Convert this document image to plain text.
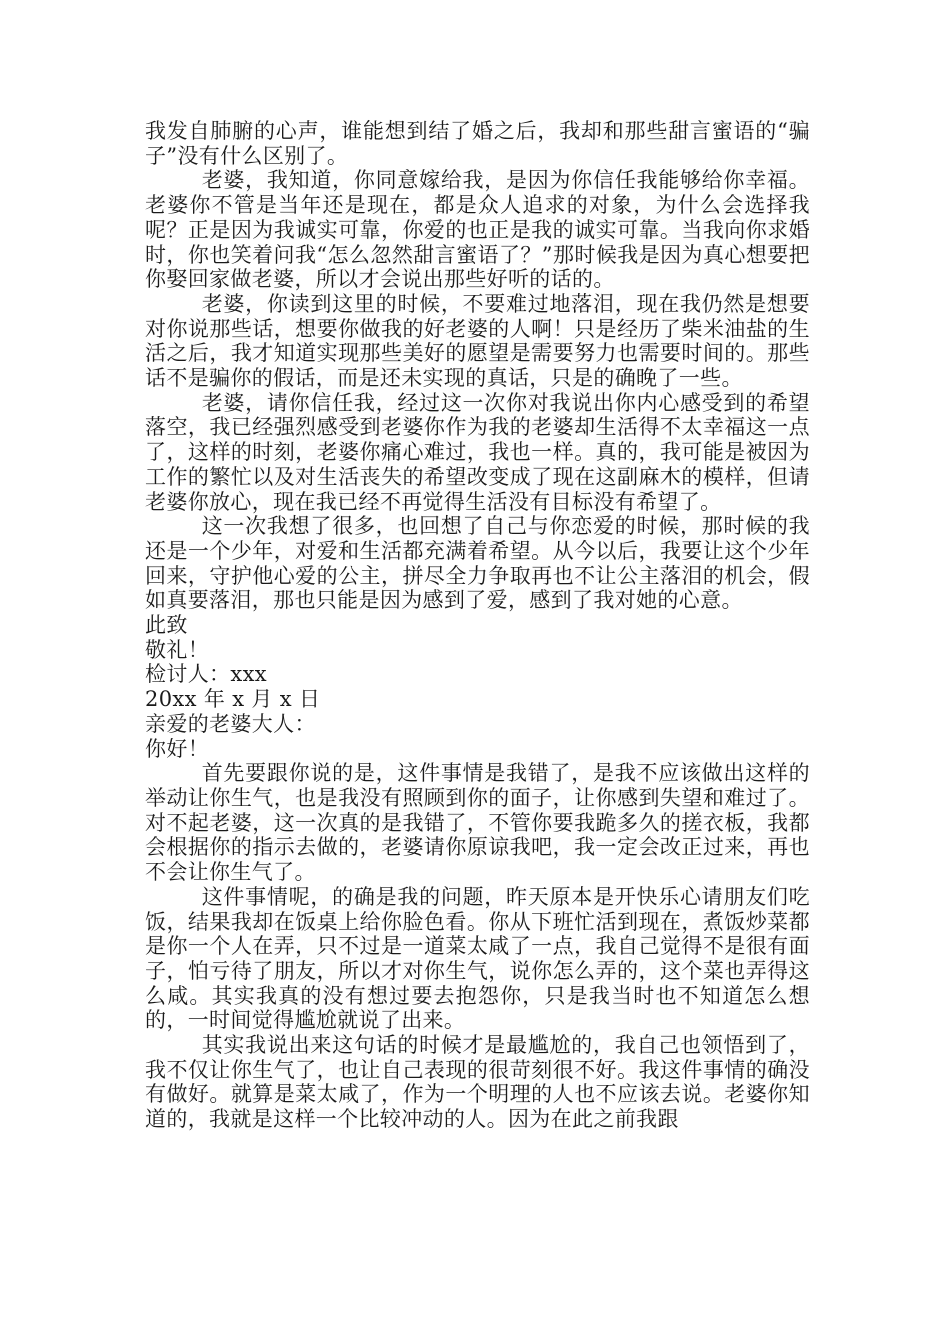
我发自肺腑的心声，谁能想到结了婚之后，我却和那些甜言蜜语的“骗子”没有什么区别了。

老婆，我知道，你同意嫁给我，是因为你信任我能够给你幸福。老婆你不管是当年还是现在，都是众人追求的对象，为什么会选择我呢？正是因为我诚实可靠，你爱的也正是我的诚实可靠。当我向你求婚时，你也笑着问我“怎么忽然甜言蜜语了？”那时候我是因为真心想要把你娶回家做老婆，所以才会说出那些好听的话的。

老婆，你读到这里的时候，不要难过地落泪，现在我仍然是想要对你说那些话，想要你做我的好老婆的人啊！只是经历了柴米油盐的生活之后，我才知道实现那些美好的愿望是需要努力也需要时间的。那些话不是骗你的假话，而是还未实现的真话，只是的确晚了一些。

老婆，请你信任我，经过这一次你对我说出你内心感受到的希望落空，我已经强烈感受到老婆你作为我的老婆却生活得不太幸福这一点了，这样的时刻，老婆你痛心难过，我也一样。真的，我可能是被因为工作的繁忙以及对生活丧失的希望改变成了现在这副麻木的模样，但请老婆你放心，现在我已经不再觉得生活没有目标没有希望了。

这一次我想了很多，也回想了自己与你恋爱的时候，那时候的我还是一个少年，对爱和生活都充满着希望。从今以后，我要让这个少年回来，守护他心爱的公主，拼尽全力争取再也不让公主落泪的机会，假如真要落泪，那也只能是因为感到了爱，感到了我对她的心意。

此致

敬礼！

检讨人：xxx

20xx 年 x 月 x 日

亲爱的老婆大人：

你好！

首先要跟你说的是，这件事情是我错了，是我不应该做出这样的举动让你生气，也是我没有照顾到你的面子，让你感到失望和难过了。对不起老婆，这一次真的是我错了，不管你要我跪多久的搓衣板，我都会根据你的指示去做的，老婆请你原谅我吧，我一定会改正过来，再也不会让你生气了。

这件事情呢，的确是我的问题，昨天原本是开快乐心请朋友们吃饭，结果我却在饭桌上给你脸色看。你从下班忙活到现在，煮饭炒菜都是你一个人在弄，只不过是一道菜太咸了一点，我自己觉得不是很有面子，怕亏待了朋友，所以才对你生气，说你怎么弄的，这个菜也弄得这么咸。其实我真的没有想过要去抱怨你，只是我当时也不知道怎么想的，一时间觉得尴尬就说了出来。

其实我说出来这句话的时候才是最尴尬的，我自己也领悟到了，我不仅让你生气了，也让自己表现的很苛刻很不好。我这件事情的确没有做好。就算是菜太咸了，作为一个明理的人也不应该去说。老婆你知道的，我就是这样一个比较冲动的人。因为在此之前我跟
